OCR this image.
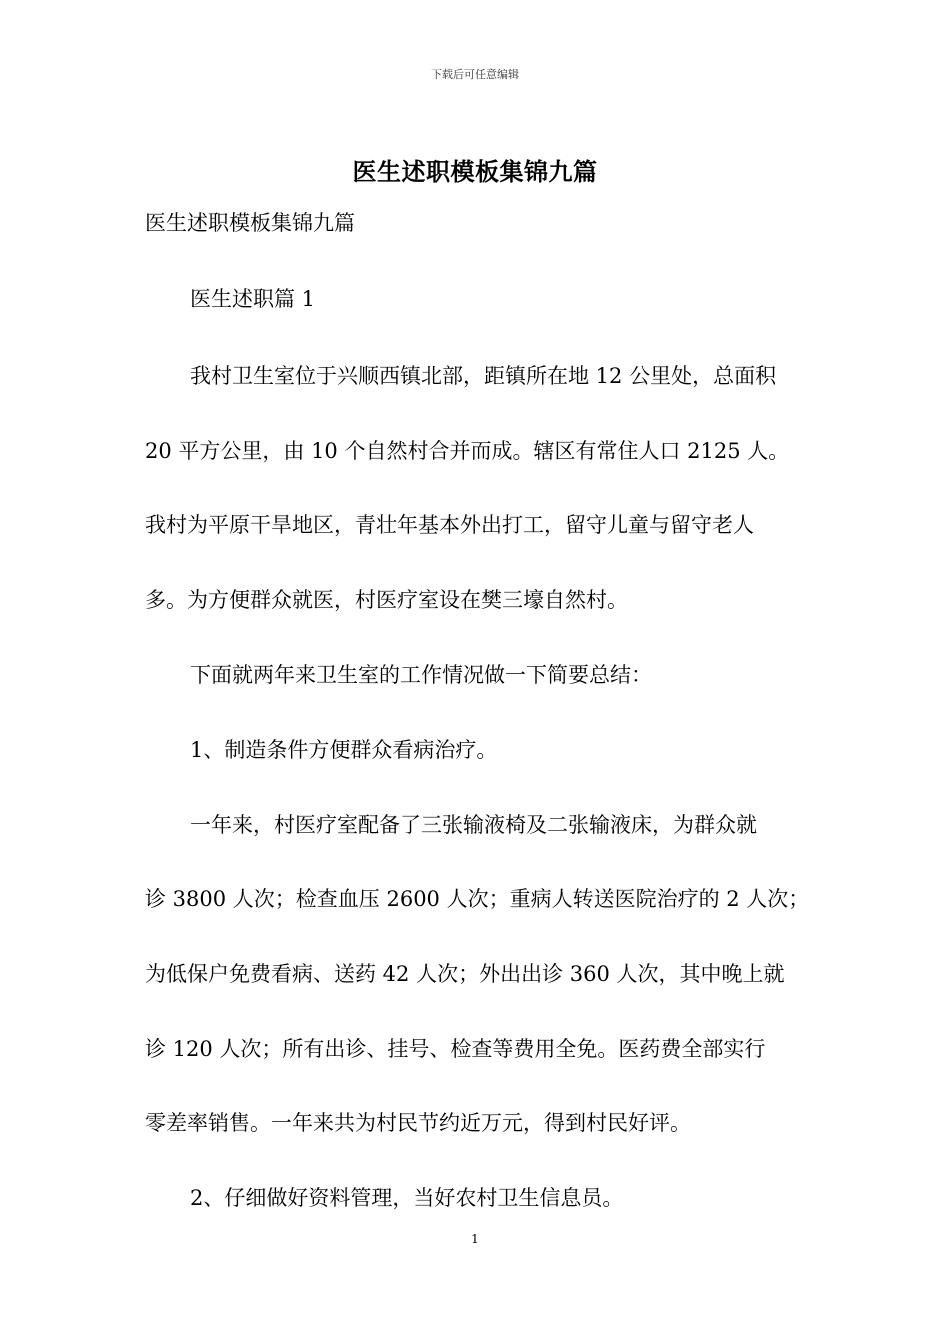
下载后可任意编辑
医生述职模板集锦九篇
医生述职模板集锦九篇
医生述职篇 1
我村卫生室位于兴顺西镇北部，距镇所在地 12 公里处，总面积
20 平方公里，由 10 个自然村合并而成。辖区有常住人口 2125 人。
我村为平原干旱地区，青壮年基本外出打工，留守儿童与留守老人
多。为方便群众就医，村医疗室设在樊三壕自然村。
下面就两年来卫生室的工作情况做一下简要总结：
1、制造条件方便群众看病治疗。
一年来，村医疗室配备了三张输液椅及二张输液床，为群众就
诊 3800 人次；检查血压 2600 人次；重病人转送医院治疗的 2 人次；
为低保户免费看病、送药 42 人次；外出出诊 360 人次，其中晚上就
诊 120 人次；所有出诊、挂号、检查等费用全免。医药费全部实行
零差率销售。一年来共为村民节约近万元，得到村民好评。
2、仔细做好资料管理，当好农村卫生信息员。
1
